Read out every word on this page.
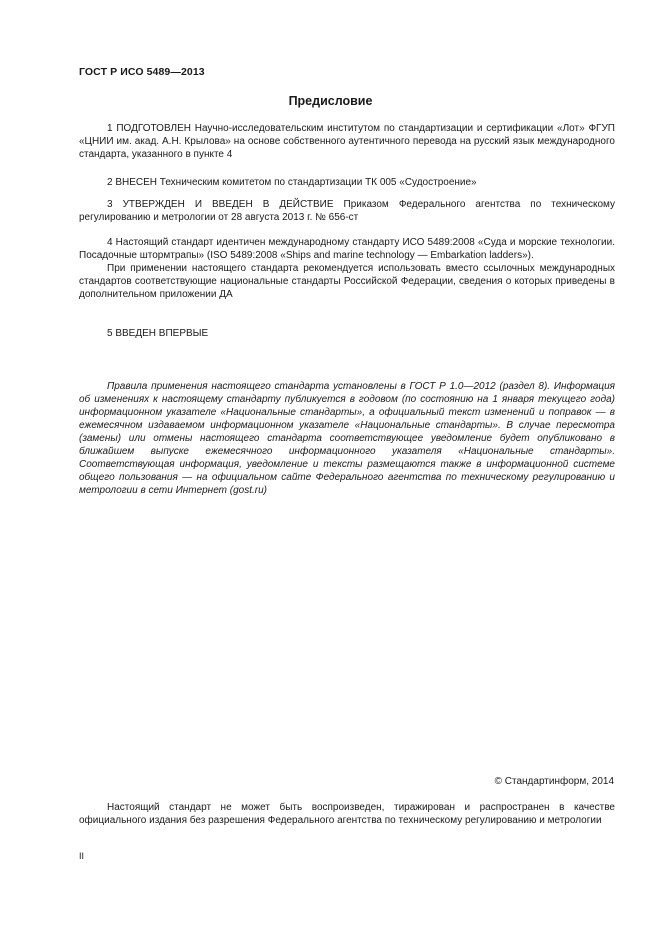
ГОСТ Р ИСО 5489—2013
Предисловие

1 ПОДГОТОВЛЕН Научно-исследовательским институтом по стандартизации и сертификации «Лот» ФГУП «ЦНИИ им. акад. А.Н. Крылова» на основе собственного аутентичного перевода на русский язык международного стандарта, указанного в пункте 4

2 ВНЕСЕН Техническим комитетом по стандартизации ТК 005 «Судостроение»

3 УТВЕРЖДЕН И ВВЕДЕН В ДЕЙСТВИЕ Приказом Федерального агентства по техническому регулированию и метрологии от 28 августа 2013 г. № 656-ст

4 Настоящий стандарт идентичен международному стандарту ИСО 5489:2008 «Суда и морские технологии. Посадочные штормтрапы» (ISO 5489:2008 «Ships and marine technology — Embarkation ladders»).

При применении настоящего стандарта рекомендуется использовать вместо ссылочных международных стандартов соответствующие национальные стандарты Российской Федерации, сведения о которых приведены в дополнительном приложении ДА

5 ВВЕДЕН ВПЕРВЫЕ

Правила применения настоящего стандарта установлены в ГОСТ Р 1.0—2012 (раздел 8). Информация об изменениях к настоящему стандарту публикуется в годовом (по состоянию на 1 января текущего года) информационном указателе «Национальные стандарты», а официальный текст изменений и поправок — в ежемесячном издаваемом информационном указателе «Национальные стандарты». В случае пересмотра (замены) или отмены настоящего стандарта соответствующее уведомление будет опубликовано в ближайшем выпуске ежемесячного информационного указателя «Национальные стандарты». Соответствующая информация, уведомление и тексты размещаются также в информационной системе общего пользования — на официальном сайте Федерального агентства по техническому регулированию и метрологии в сети Интернет (gost.ru)
© Стандартинформ, 2014
Настоящий стандарт не может быть воспроизведен, тиражирован и распространен в качестве официального издания без разрешения Федерального агентства по техническому регулированию и метрологии
II
